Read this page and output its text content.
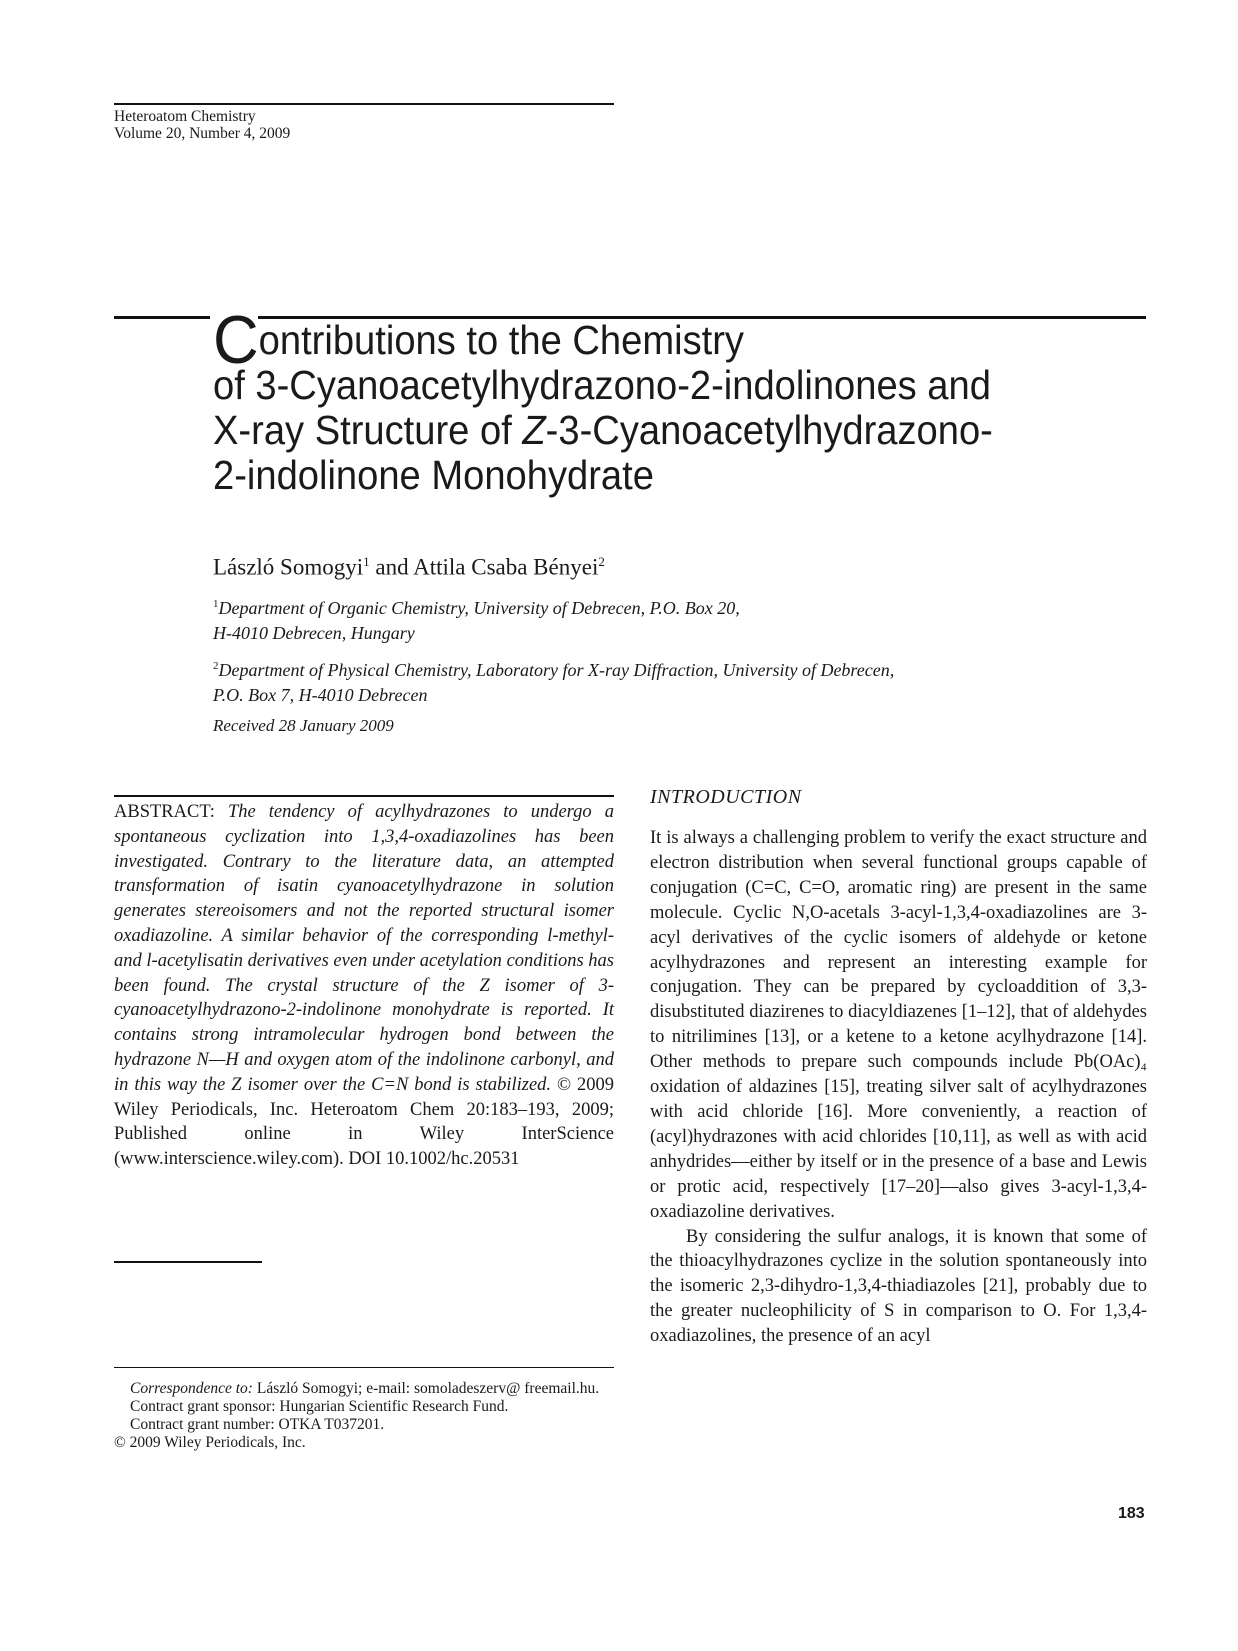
Heteroatom Chemistry
Volume 20, Number 4, 2009
Contributions to the Chemistry
of 3-Cyanoacetylhydrazono-2-indolinones and
X-ray Structure of Z-3-Cyanoacetylhydrazono-
2-indolinone Monohydrate
László Somogyi$^1$ and Attila Csaba Bényei$^2$
$^1$Department of Organic Chemistry, University of Debrecen, P.O. Box 20,
H-4010 Debrecen, Hungary
$^2$Department of Physical Chemistry, Laboratory for X-ray Diffraction, University of Debrecen,
P.O. Box 7, H-4010 Debrecen
Received 28 January 2009
ABSTRACT: The tendency of acylhydrazones to undergo a spontaneous cyclization into 1,3,4-oxadiazolines has been investigated. Contrary to the literature data, an attempted transformation of isatin cyanoacetylhydrazone in solution generates stereoisomers and not the reported structural isomer oxadiazoline. A similar behavior of the corresponding l-methyl- and l-acetylisatin derivatives even under acetylation conditions has been found. The crystal structure of the Z isomer of 3-cyanoacetylhydrazono-2-indolinone monohydrate is reported. It contains strong intramolecular hydrogen bond between the hydrazone N—H and oxygen atom of the indolinone carbonyl, and in this way the Z isomer over the C=N bond is stabilized. © 2009 Wiley Periodicals, Inc. Heteroatom Chem 20:183–193, 2009; Published online in Wiley InterScience (www.interscience.wiley.com). DOI 10.1002/hc.20531

Correspondence to: László Somogyi; e-mail: somoladeszerv@ freemail.hu.

Contract grant sponsor: Hungarian Scientific Research Fund.

Contract grant number: OTKA T037201.

© 2009 Wiley Periodicals, Inc.

INTRODUCTION

It is always a challenging problem to verify the exact structure and electron distribution when several functional groups capable of conjugation (C=C, C=O, aromatic ring) are present in the same molecule. Cyclic N,O-acetals 3-acyl-1,3,4-oxadiazolines are 3-acyl derivatives of the cyclic isomers of aldehyde or ketone acylhydrazones and represent an interesting example for conjugation. They can be prepared by cycloaddition of 3,3-disubstituted diazirenes to diacyldiazenes [1–12], that of aldehydes to nitrilimines [13], or a ketene to a ketone acylhydrazone [14]. Other methods to prepare such compounds include Pb(OAc)₄ oxidation of aldazines [15], treating silver salt of acylhydrazones with acid chloride [16]. More conveniently, a reaction of (acyl)hydrazones with acid chlorides [10,11], as well as with acid anhydrides—either by itself or in the presence of a base and Lewis or protic acid, respectively [17–20]—also gives 3-acyl-1,3,4-oxadiazoline derivatives.

By considering the sulfur analogs, it is known that some of the thioacylhydrazones cyclize in the solution spontaneously into the isomeric 2,3-dihydro-1,3,4-thiadiazoles [21], probably due to the greater nucleophilicity of S in comparison to O. For 1,3,4-oxadiazolines, the presence of an acyl

183
